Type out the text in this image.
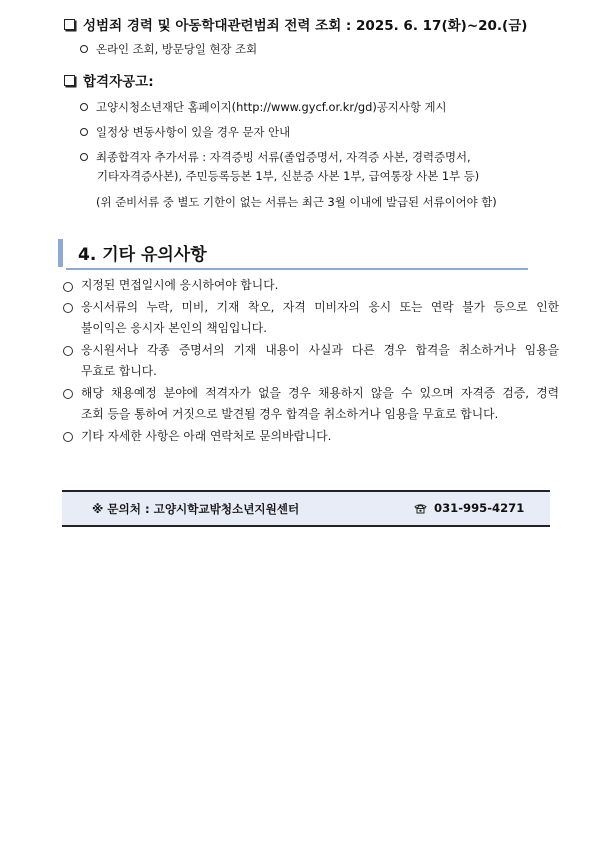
성범죄 경력 및 아동학대관련범죄 전력 조회 : 2025. 6. 17(화)~20.(금)
온라인 조회, 방문당일 현장 조회
합격자공고:
고양시청소년재단 홈페이지(http://www.gycf.or.kr/gd)공지사항 게시
일정상 변동사항이 있을 경우 문자 안내
최종합격자 추가서류 : 자격증빙 서류(졸업증명서, 자격증 사본, 경력증명서,
기타자격증사본), 주민등록등본 1부, 신분증 사본 1부, 급여통장 사본 1부 등)
(위 준비서류 중 별도 기한이 없는 서류는 최근 3월 이내에 발급된 서류이어야 함)
4. 기타 유의사항
지정된 면접일시에 응시하여야 합니다.
응시서류의 누락, 미비, 기재 착오, 자격 미비자의 응시 또는 연락 불가 등으로 인한
불이익은 응시자 본인의 책임입니다.
응시원서나 각종 증명서의 기재 내용이 사실과 다른 경우 합격을 취소하거나 임용을
무효로 합니다.
해당 채용예정 분야에 적격자가 없을 경우 채용하지 않을 수 있으며 자격증 검증, 경력
조회 등을 통하여 거짓으로 발견될 경우 합격을 취소하거나 임용을 무효로 합니다.
기타 자세한 사항은 아래 연락처로 문의바랍니다.
※ 문의처 : 고양시학교밖청소년지원센터	031-995-4271
